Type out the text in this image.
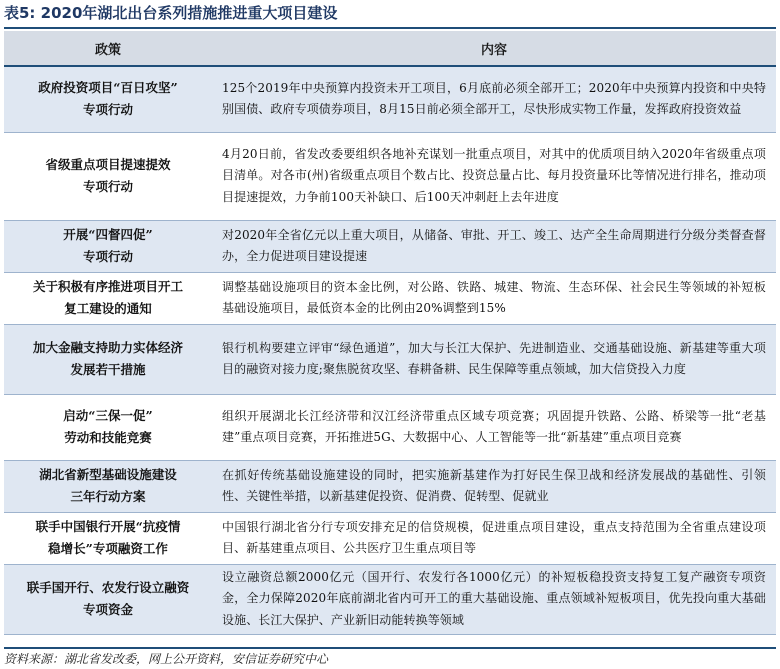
表5: 2020年湖北出台系列措施推进重大项目建设
政策	内容

政府投资项目“百日攻坚”
专项行动	125个2019年中央预算内投资未开工项目，6月底前必须全部开工；2020年中央预算内投资和中央特别国债、政府专项债券项目，8月15日前必须全部开工，尽快形成实物工作量，发挥政府投资效益

省级重点项目提速提效
专项行动	4月20日前，省发改委要组织各地补充谋划一批重点项目，对其中的优质项目纳入2020年省级重点项目清单。对各市(州)省级重点项目个数占比、投资总量占比、每月投资量环比等情况进行排名，推动项目提速提效，力争前100天补缺口、后100天冲刺赶上去年进度

开展“四督四促”
专项行动	对2020年全省亿元以上重大项目，从储备、审批、开工、竣工、达产全生命周期进行分级分类督查督办，全力促进项目建设提速

关于积极有序推进项目开工
复工建设的通知	调整基础设施项目的资本金比例，对公路、铁路、城建、物流、生态环保、社会民生等领域的补短板基础设施项目，最低资本金的比例由20%调整到15%

加大金融支持助力实体经济
发展若干措施	银行机构要建立评审“绿色通道”，加大与长江大保护、先进制造业、交通基础设施、新基建等重大项目的融资对接力度;聚焦脱贫攻坚、春耕备耕、民生保障等重点领域，加大信贷投入力度

启动“三保一促”
劳动和技能竞赛	组织开展湖北长江经济带和汉江经济带重点区域专项竞赛；巩固提升铁路、公路、桥梁等一批“老基建”重点项目竞赛，开拓推进5G、大数据中心、人工智能等一批“新基建”重点项目竞赛

湖北省新型基础设施建设
三年行动方案	在抓好传统基础设施建设的同时，把实施新基建作为打好民生保卫战和经济发展战的基础性、引领性、关键性举措，以新基建促投资、促消费、促转型、促就业

联手中国银行开展“抗疫情
稳增长”专项融资工作	中国银行湖北省分行专项安排充足的信贷规模，促进重点项目建设，重点支持范围为全省重点建设项目、新基建重点项目、公共医疗卫生重点项目等

联手国开行、农发行设立融资
专项资金	设立融资总额2000亿元（国开行、农发行各1000亿元）的补短板稳投资支持复工复产融资专项资金，全力保障2020年底前湖北省内可开工的重大基础设施、重点领域补短板项目，优先投向重大基础设施、长江大保护、产业新旧动能转换等领域
资料来源：湖北省发改委，网上公开资料，安信证券研究中心
